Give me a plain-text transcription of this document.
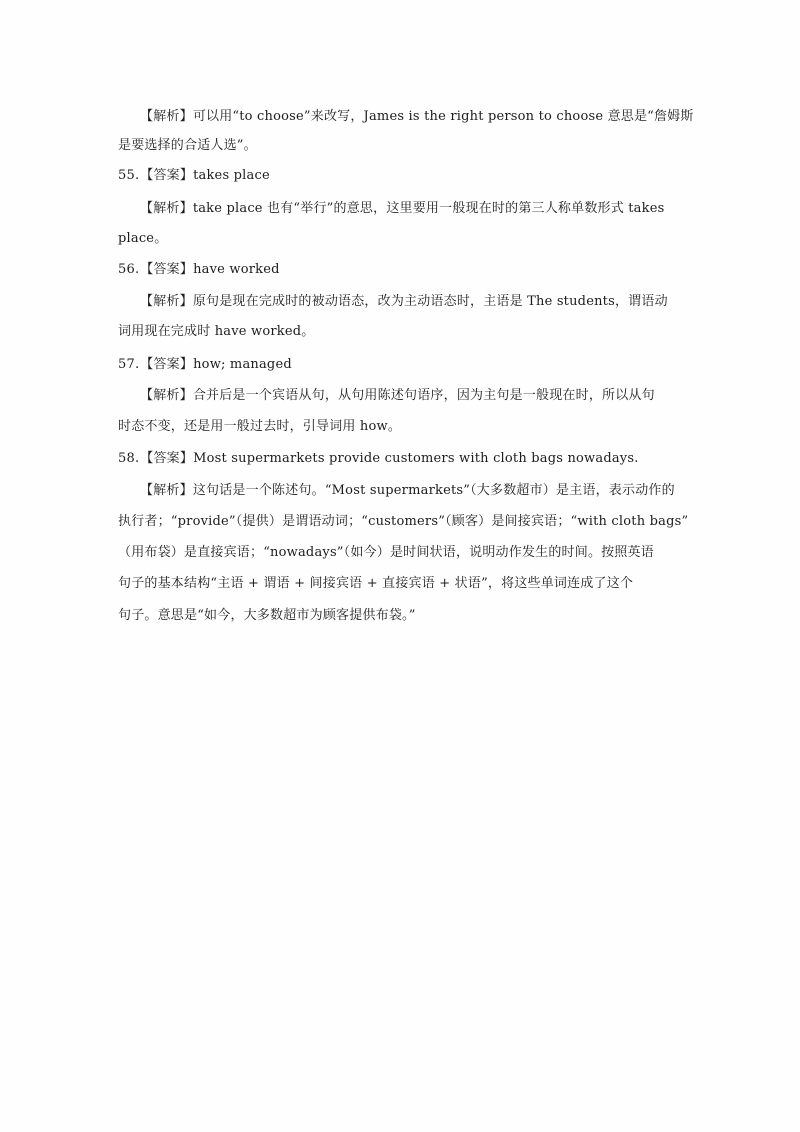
【解析】可以用“to choose”来改写，James is the right person to choose 意思是“詹姆斯
是要选择的合适人选”。
55.【答案】takes place
【解析】take place 也有“举行”的意思，这里要用一般现在时的第三人称单数形式 takes
place。
56.【答案】have worked
【解析】原句是现在完成时的被动语态，改为主动语态时，主语是 The students，谓语动
词用现在完成时 have worked。
57.【答案】how; managed
【解析】合并后是一个宾语从句，从句用陈述句语序，因为主句是一般现在时，所以从句
时态不变，还是用一般过去时，引导词用 how。
58.【答案】Most supermarkets provide customers with cloth bags nowadays.
【解析】这句话是一个陈述句。“Most supermarkets”（大多数超市）是主语，表示动作的
执行者；“provide”（提供）是谓语动词；“customers”（顾客）是间接宾语；“with cloth bags”
（用布袋）是直接宾语；“nowadays”（如今）是时间状语，说明动作发生的时间。按照英语
句子的基本结构“主语 + 谓语 + 间接宾语 + 直接宾语 + 状语”，将这些单词连成了这个
句子。意思是“如今，大多数超市为顾客提供布袋。”
